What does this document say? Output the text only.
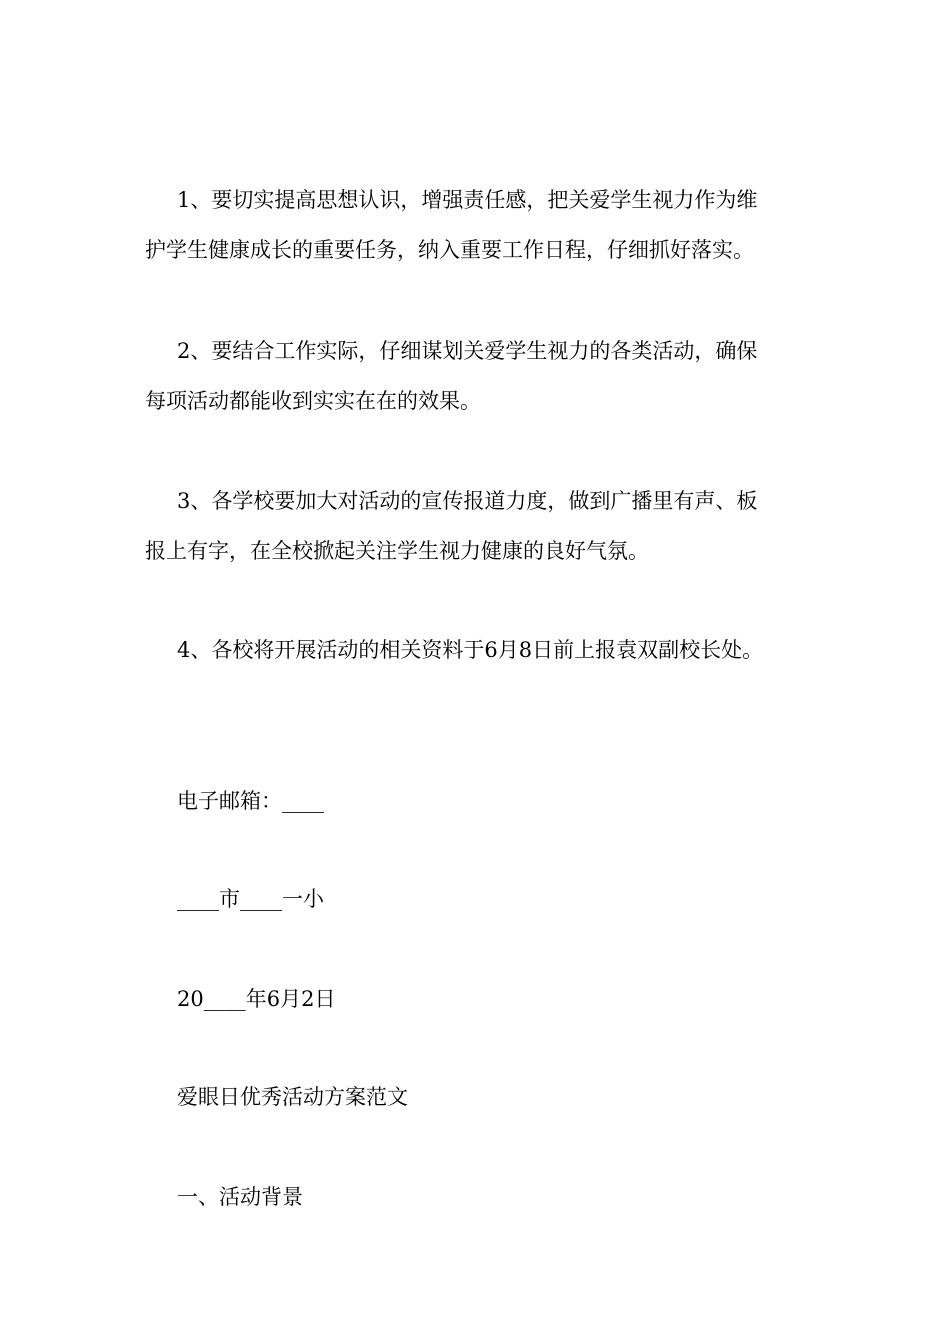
1、要切实提高思想认识，增强责任感，把关爱学生视力作为维
护学生健康成长的重要任务，纳入重要工作日程，仔细抓好落实。
2、要结合工作实际，仔细谋划关爱学生视力的各类活动，确保
每项活动都能收到实实在在的效果。
3、各学校要加大对活动的宣传报道力度，做到广播里有声、板
报上有字，在全校掀起关注学生视力健康的良好气氛。
4、各校将开展活动的相关资料于6月8日前上报袁双副校长处。
电子邮箱：____
____市____一小
20____年6月2日
爱眼日优秀活动方案范文
一、活动背景
